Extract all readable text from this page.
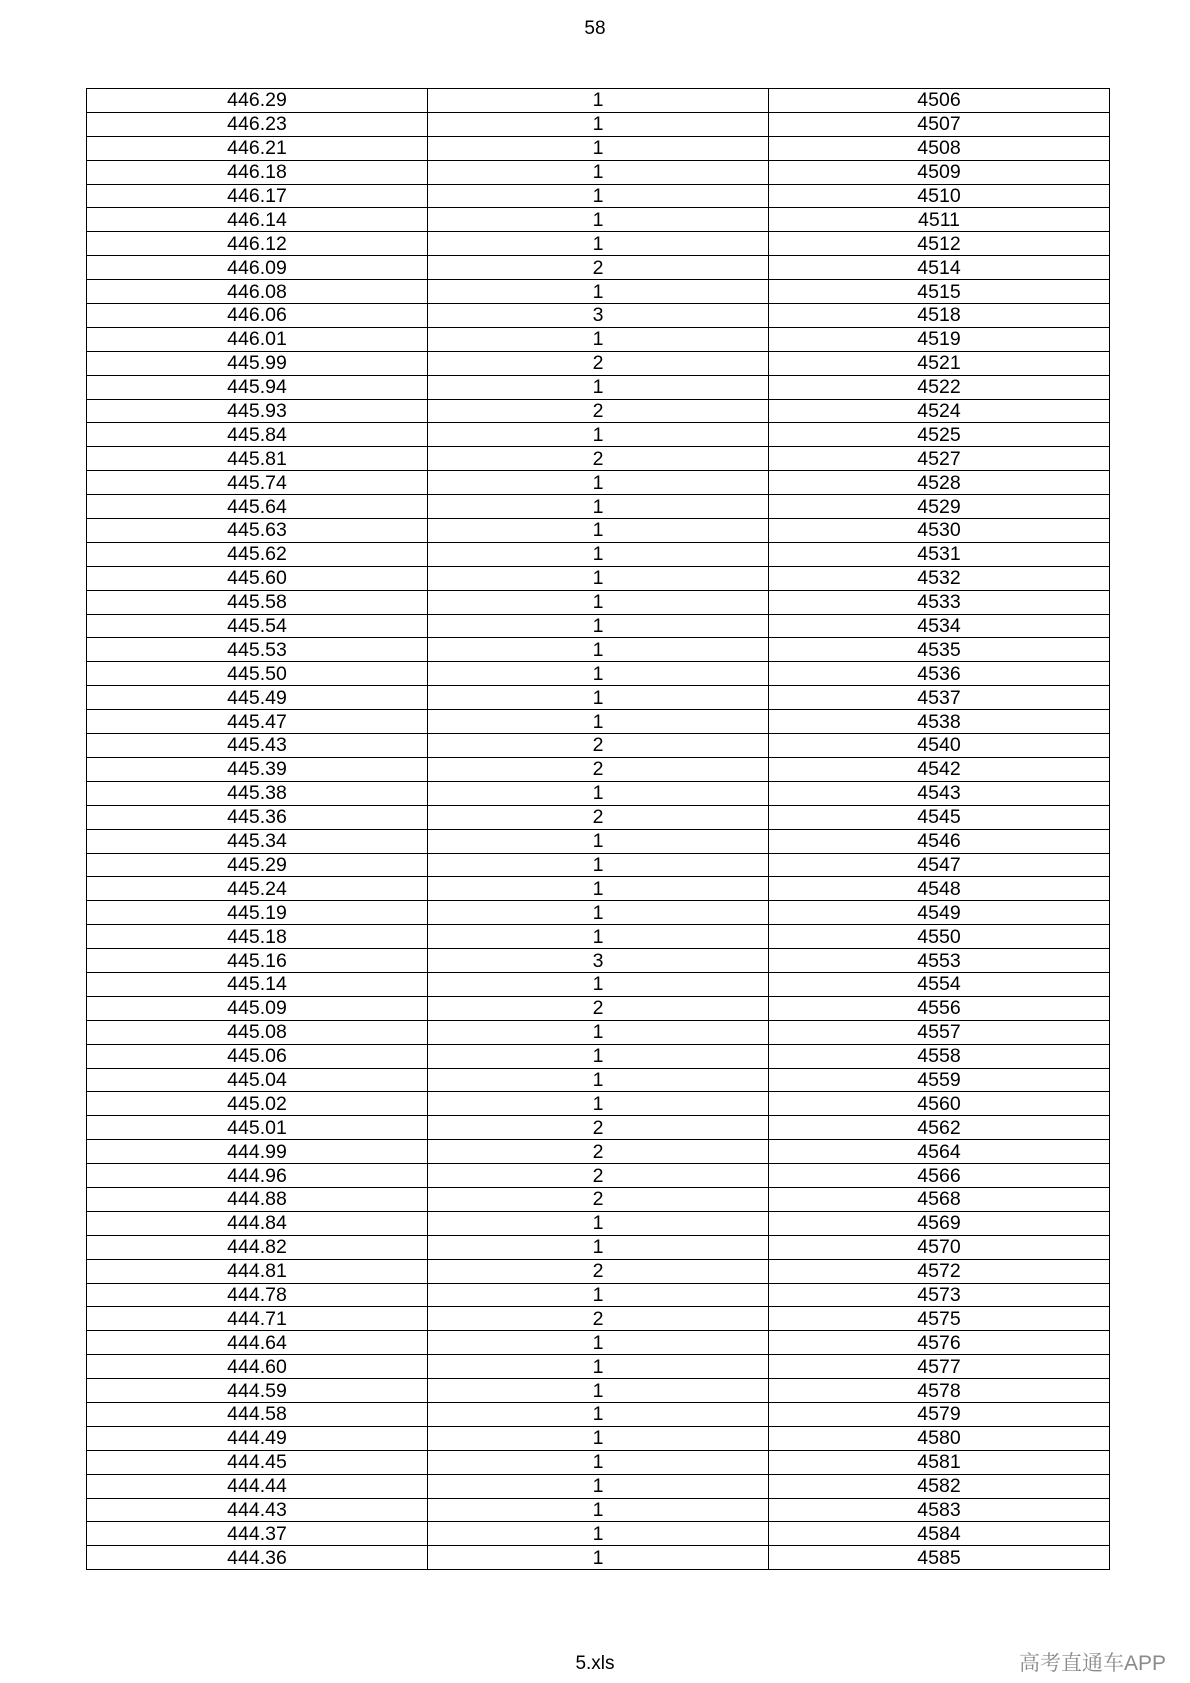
58
446.29	1	4506
446.23	1	4507
446.21	1	4508
446.18	1	4509
446.17	1	4510
446.14	1	4511
446.12	1	4512
446.09	2	4514
446.08	1	4515
446.06	3	4518
446.01	1	4519
445.99	2	4521
445.94	1	4522
445.93	2	4524
445.84	1	4525
445.81	2	4527
445.74	1	4528
445.64	1	4529
445.63	1	4530
445.62	1	4531
445.60	1	4532
445.58	1	4533
445.54	1	4534
445.53	1	4535
445.50	1	4536
445.49	1	4537
445.47	1	4538
445.43	2	4540
445.39	2	4542
445.38	1	4543
445.36	2	4545
445.34	1	4546
445.29	1	4547
445.24	1	4548
445.19	1	4549
445.18	1	4550
445.16	3	4553
445.14	1	4554
445.09	2	4556
445.08	1	4557
445.06	1	4558
445.04	1	4559
445.02	1	4560
445.01	2	4562
444.99	2	4564
444.96	2	4566
444.88	2	4568
444.84	1	4569
444.82	1	4570
444.81	2	4572
444.78	1	4573
444.71	2	4575
444.64	1	4576
444.60	1	4577
444.59	1	4578
444.58	1	4579
444.49	1	4580
444.45	1	4581
444.44	1	4582
444.43	1	4583
444.37	1	4584
444.36	1	4585
5.xls	高考直通车APP
